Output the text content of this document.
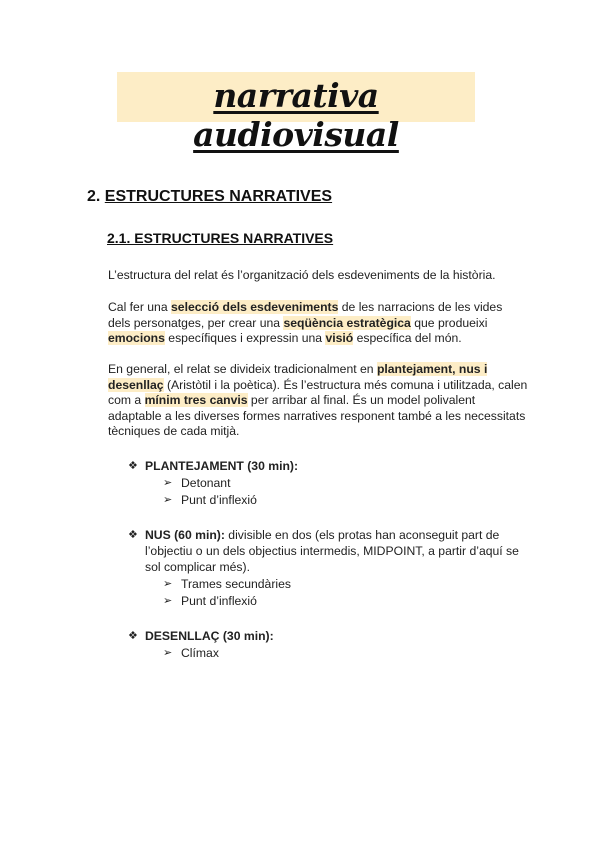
narrativa audiovisual
2. ESTRUCTURES NARRATIVES
2.1. ESTRUCTURES NARRATIVES
L’estructura del relat és l’organització dels esdeveniments de la història.
Cal fer una selecció dels esdeveniments de les narracions de les vides dels personatges, per crear una seqüència estratègica que produeixi emocions específiques i expressin una visió específica del món.
En general, el relat se divideix tradicionalment en plantejament, nus i desenllaç (Aristòtil i la poètica). És l’estructura més comuna i utilitzada, calen com a mínim tres canvis per arribar al final. És un model polivalent adaptable a les diverses formes narratives responent també a les necessitats tècniques de cada mitjà.
❖ PLANTEJAMENT (30 min):
➢ Detonant
➢ Punt d’inflexió
❖ NUS (60 min): divisible en dos (els protas han aconseguit part de l’objectiu o un dels objectius intermedis, MIDPOINT, a partir d’aquí se sol complicar més).
➢ Trames secundàries
➢ Punt d’inflexió
❖ DESENLLAÇ (30 min):
➢ Clímax
